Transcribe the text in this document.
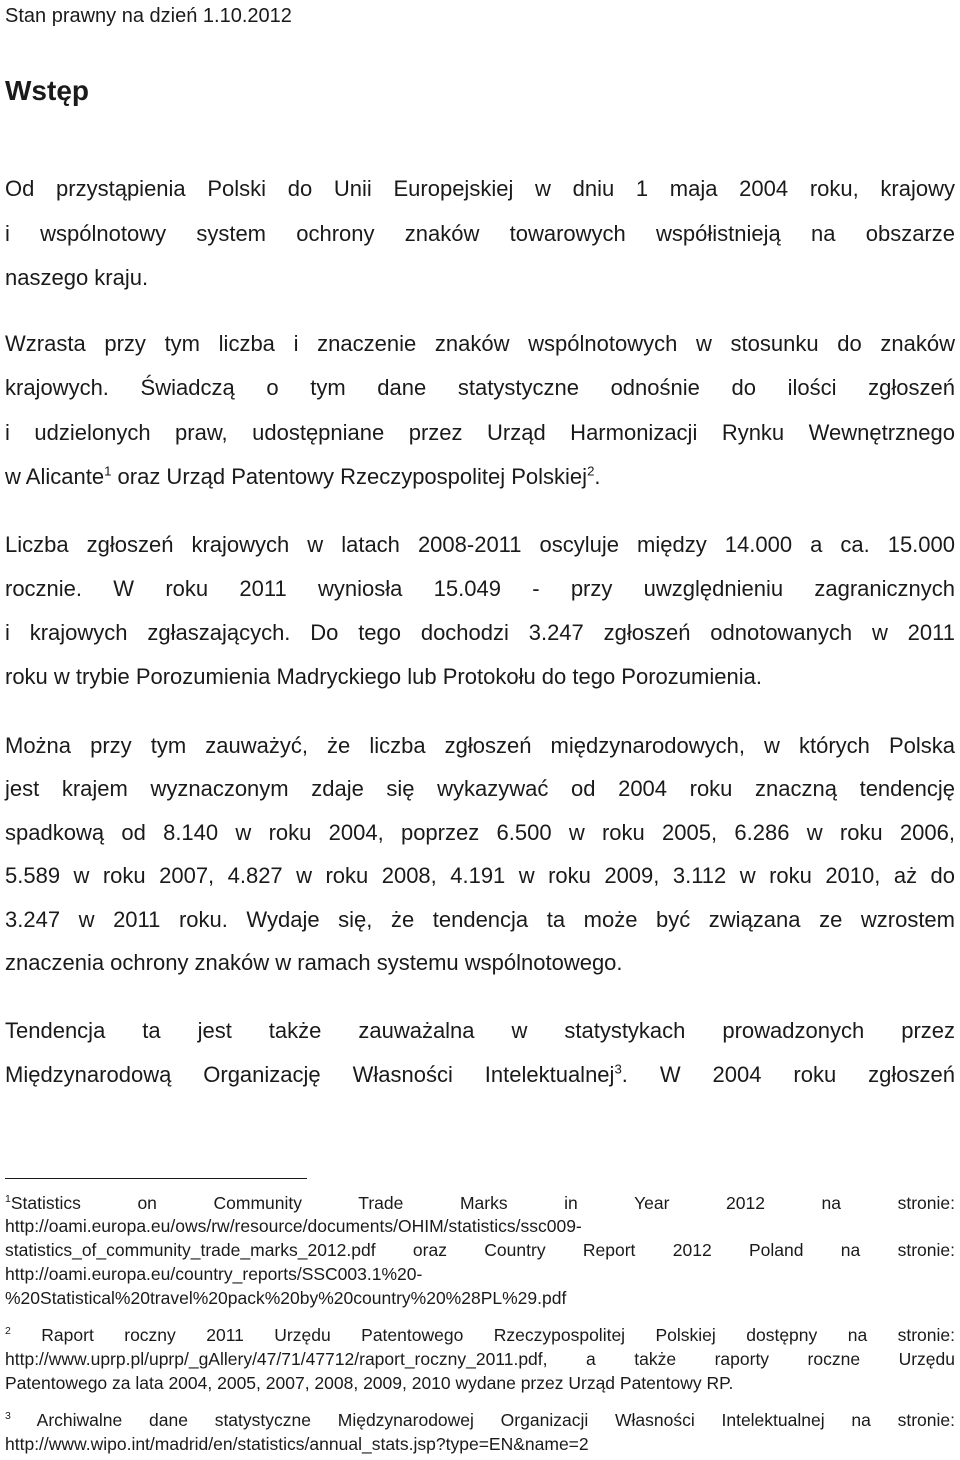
Stan prawny na dzień 1.10.2012
Wstęp
Od przystąpienia Polski do Unii Europejskiej w dniu 1 maja 2004 roku, krajowy
i wspólnotowy system ochrony znaków towarowych współistnieją na obszarze
naszego kraju.
Wzrasta przy tym liczba i znaczenie znaków wspólnotowych w stosunku do znaków
krajowych. Świadczą o tym dane statystyczne odnośnie do ilości zgłoszeń
i udzielonych praw, udostępniane przez Urząd Harmonizacji Rynku Wewnętrznego
w Alicante$^1$ oraz Urząd Patentowy Rzeczypospolitej Polskiej$^2$.
Liczba zgłoszeń krajowych w latach 2008-2011 oscyluje między 14.000 a ca. 15.000
rocznie. W roku 2011 wyniosła 15.049 - przy uwzględnieniu zagranicznych
i krajowych zgłaszających. Do tego dochodzi 3.247 zgłoszeń odnotowanych w 2011
roku w trybie Porozumienia Madryckiego lub Protokołu do tego Porozumienia.
Można przy tym zauważyć, że liczba zgłoszeń międzynarodowych, w których Polska
jest krajem wyznaczonym zdaje się wykazywać od 2004 roku znaczną tendencję
spadkową od 8.140 w roku 2004, poprzez 6.500 w roku 2005, 6.286 w roku 2006,
5.589 w roku 2007, 4.827 w roku 2008, 4.191 w roku 2009, 3.112 w roku 2010, aż do
3.247 w 2011 roku. Wydaje się, że tendencja ta może być związana ze wzrostem
znaczenia ochrony znaków w ramach systemu wspólnotowego.
Tendencja ta jest także zauważalna w statystykach prowadzonych przez
Międzynarodową Organizację Własności Intelektualnej$^3$. W 2004 roku zgłoszeń
$^1$Statistics on Community Trade Marks in Year 2012 na stronie:
http://oami.europa.eu/ows/rw/resource/documents/OHIM/statistics/ssc009-
statistics_of_community_trade_marks_2012.pdf oraz Country Report 2012 Poland na stronie:
http://oami.europa.eu/country_reports/SSC003.1%20-
%20Statistical%20travel%20pack%20by%20country%20%28PL%29.pdf
$^2$ Raport roczny 2011 Urzędu Patentowego Rzeczypospolitej Polskiej dostępny na stronie:
http://www.uprp.pl/uprp/_gAllery/47/71/47712/raport_roczny_2011.pdf, a także raporty roczne Urzędu
Patentowego za lata 2004, 2005, 2007, 2008, 2009, 2010 wydane przez Urząd Patentowy RP.
$^3$ Archiwalne dane statystyczne Międzynarodowej Organizacji Własności Intelektualnej na stronie:
http://www.wipo.int/madrid/en/statistics/annual_stats.jsp?type=EN&name=2
